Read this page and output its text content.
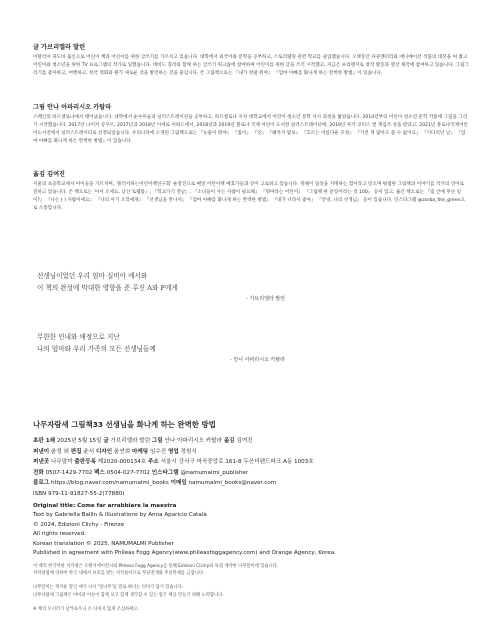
글 가브리엘라 발린
이탈리아 파도바 출신으로 어린이 책과 어린이를 위한 글쓰기를 가르치고 있습니다. 대학에서 외국어와 문학을 공부하고, 스토리텔링 관련 학교를 졸업했습니다. 오랫동안 다큐멘터리와 애니메이션 작품의 대본을 써 왔고 어린이와 청소년을 위한 TV 프로그램의 작가로 일했습니다. 데비드 칠리와 함께 하는 글쓰기 워크숍에 참여하며 어린이를 위한 글을 쓰기 시작했고, 지금은 프리랜서로 창작 활동과 영상 제작에 참여하고 있습니다. 그림그리기를 좋아하고, 여행하고, 한국 영화와 뭔가 새로운 것을 발견하는 것을 즐깁니다. 쓴 그림책으로는 『내가 정말 뭐야』 『엄마 아빠를 화나게 하는 완벽한 방법』이 있습니다.
그림 안나 아파리시오 카탈라
스페인의 바르셀로나에서 태어났습니다. 대학에서 순수미술과 일러스트레이션을 공부하고, 바르셀로나 지치 대학교에서 어린이·청소년 문학 석사 과정을 밟았습니다. 2014년부터 어린이 청소년 문학 작품에 그림을 그리기 시작했습니다. 2017년 나이커 콩쿠르, 2017년과 2018년 이에로 어워드에서, 2018년과 2019년 볼로냐 국제 어린이 도서전 일러스트레이터에, 2019년 루카 코믹스 앤 게임즈 상을 받았고, 2021년 볼로냐국제어린이도서전에서 일러스트레이터로 선정되었습니다. 우리나라에 소개된 그림책으로는 『눈물이 뭐야』 『집이』 『앗』 『왜까지 밤보』 『흐르는 아름다운 모양』 『가진 게 많아도 쓸 수 없어요』 『기다리던 날』 『엄마 아빠를 화나게 하는 완벽한 방법』이 있습니다.
옮김 김여진
서울의 초등학교에서 아이들을 가르치며, '블러서하는어린이책연구회' 운영진으로 매달 어린이책 예효가들과 같이 고로하고 있습니다. 정해이 일상을 지탱하는 힘이라고 믿으며 평범한 그림책과 이야기를 작가의 언어로 전하고 있습니다. 쓴 책으로는 '아서 오세요, 남산 토웰룸』, 『학교가기 전날』, 『소녀들이 사는 사람이 필요해』 『멍마라는 어린이』 『그림책 한 문장이라는 것 100』 등이 있고, 옮긴 책으로는 『집 안에 무슨 일이?』 『나는 ( ) 사람이에요』 『나의 아기 오리에게』 『선생님을 만나서』 『엄마 아빠를 화나게 하는 완벽한 방법』 『내가 너라서 좋아』 『안녕, 나의 선생님』 등이 있습니다. 인스타그램 @zorba_the_green으로 소통합니다.
선생님이었던 우리 엄마 실비아 에서와
이 책의 완성에 막대한 영향을 준 루신 A와 F에게
- 가브리엘라 발린
무한한 인내와 애정으로 지난
나의 엄마와 우리 가족의 모든 선생님들께
- 안나 아파리시오 카탈라
나무자람새 그림책33 선생님을 화나게 하는 완벽한 방법
초판 1쇄 2025년 5월 15일 글 가브리엘라 발린 그림 안나 아파리시오 카탈라 옮김 김여진
퍼낸이 윤정 외 편집 윤서 디자인 윤연희 마케팅 임수진 영업 정원식
퍼낸곳 나무말미 출판등록 제2020-000134호 주소 서울시 강서구 마곡중앙로 161-8 두산더랜드파크 A동 1003호
전화 0507-1429-7702 팩스 0504-027-7702 인스타그램 @namumalmi_publisher
블로그 https://blog.naver.com/namumalmi_books 이메일 namumalmi_books@naver.com
ISBN 979-11-91827-55-2(77880)
Original title: Come far arrabbiare la maestra
Text by Gabriella Ballin & Illustrations by Anna Aparicio Català
© 2024, Edizioni Clichy - Firenze
All rights reserved.
Korean translation © 2025, NAMUMALMI Publisher
Published in agreement with Phileas Fogg Agency(www.phileasfoggagency.com) and Orange Agency, Korea.
이 책의 한국어판 저작권은 오렌지에이전시와 Phileas Fogg Agency를 통해 Edizioni Clichy와 독점 계약한 나무말미에 있습니다.
저작권법에 의하여 한국 내에서 보호를 받는 저작물이므로 무단전재와 무단복제를 금합니다.
나무말미는 정겨운 말인 예가 나서 '말나무'를 말로 하다는 의미가 담겨 있습니다.
나무자람새 그림책은 아이와 어른이 함께 보고 함께 생각할 수 있는 좋은 책을 만들기 위해 노력합니다.
※ 책의 모서리가 날카로우니 손 다치지 않게 조심하세요.
